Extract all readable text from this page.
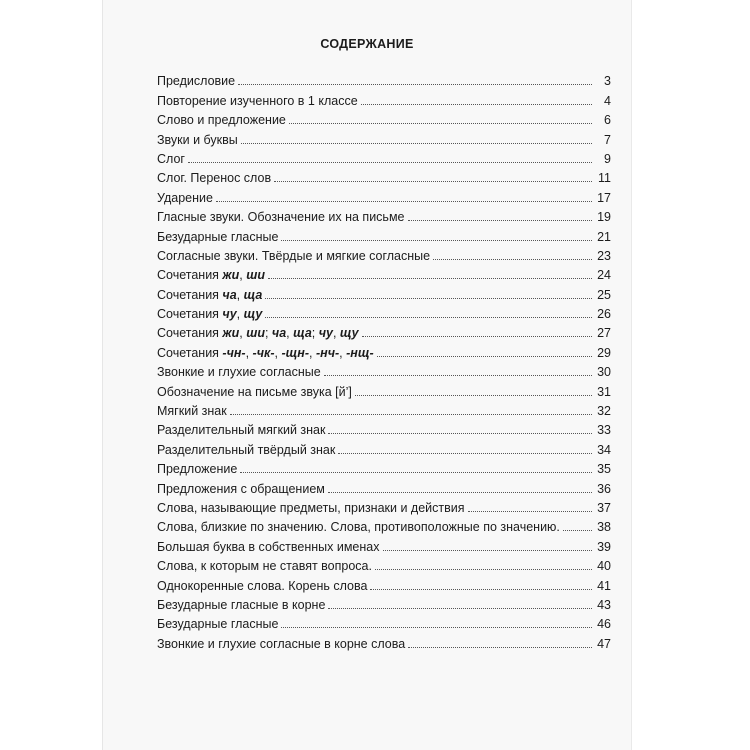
СОДЕРЖАНИЕ
Предисловие	3
Повторение изученного в 1 классе	4
Слово и предложение	6
Звуки и буквы	7
Слог	9
Слог. Перенос слов	11
Ударение	17
Гласные звуки. Обозначение их на письме	19
Безударные гласные	21
Согласные звуки. Твёрдые и мягкие согласные	23
Сочетания жи, ши	24
Сочетания ча, ща	25
Сочетания чу, щу	26
Сочетания жи, ши; ча, ща; чу, щу	27
Сочетания -чн-, -чк-, -щн-, -нч-, -нщ-	29
Звонкие и глухие согласные	30
Обозначение на письме звука [й’]	31
Мягкий знак	32
Разделительный мягкий знак	33
Разделительный твёрдый знак	34
Предложение	35
Предложения с обращением	36
Слова, называющие предметы, признаки и действия	37
Слова, близкие по значению. Слова, противоположные по значению.	38
Большая буква в собственных именах	39
Слова, к которым не ставят вопроса.	40
Однокоренные слова. Корень слова	41
Безударные гласные в корне	43
Безударные гласные	46
Звонкие и глухие согласные в корне слова	47
